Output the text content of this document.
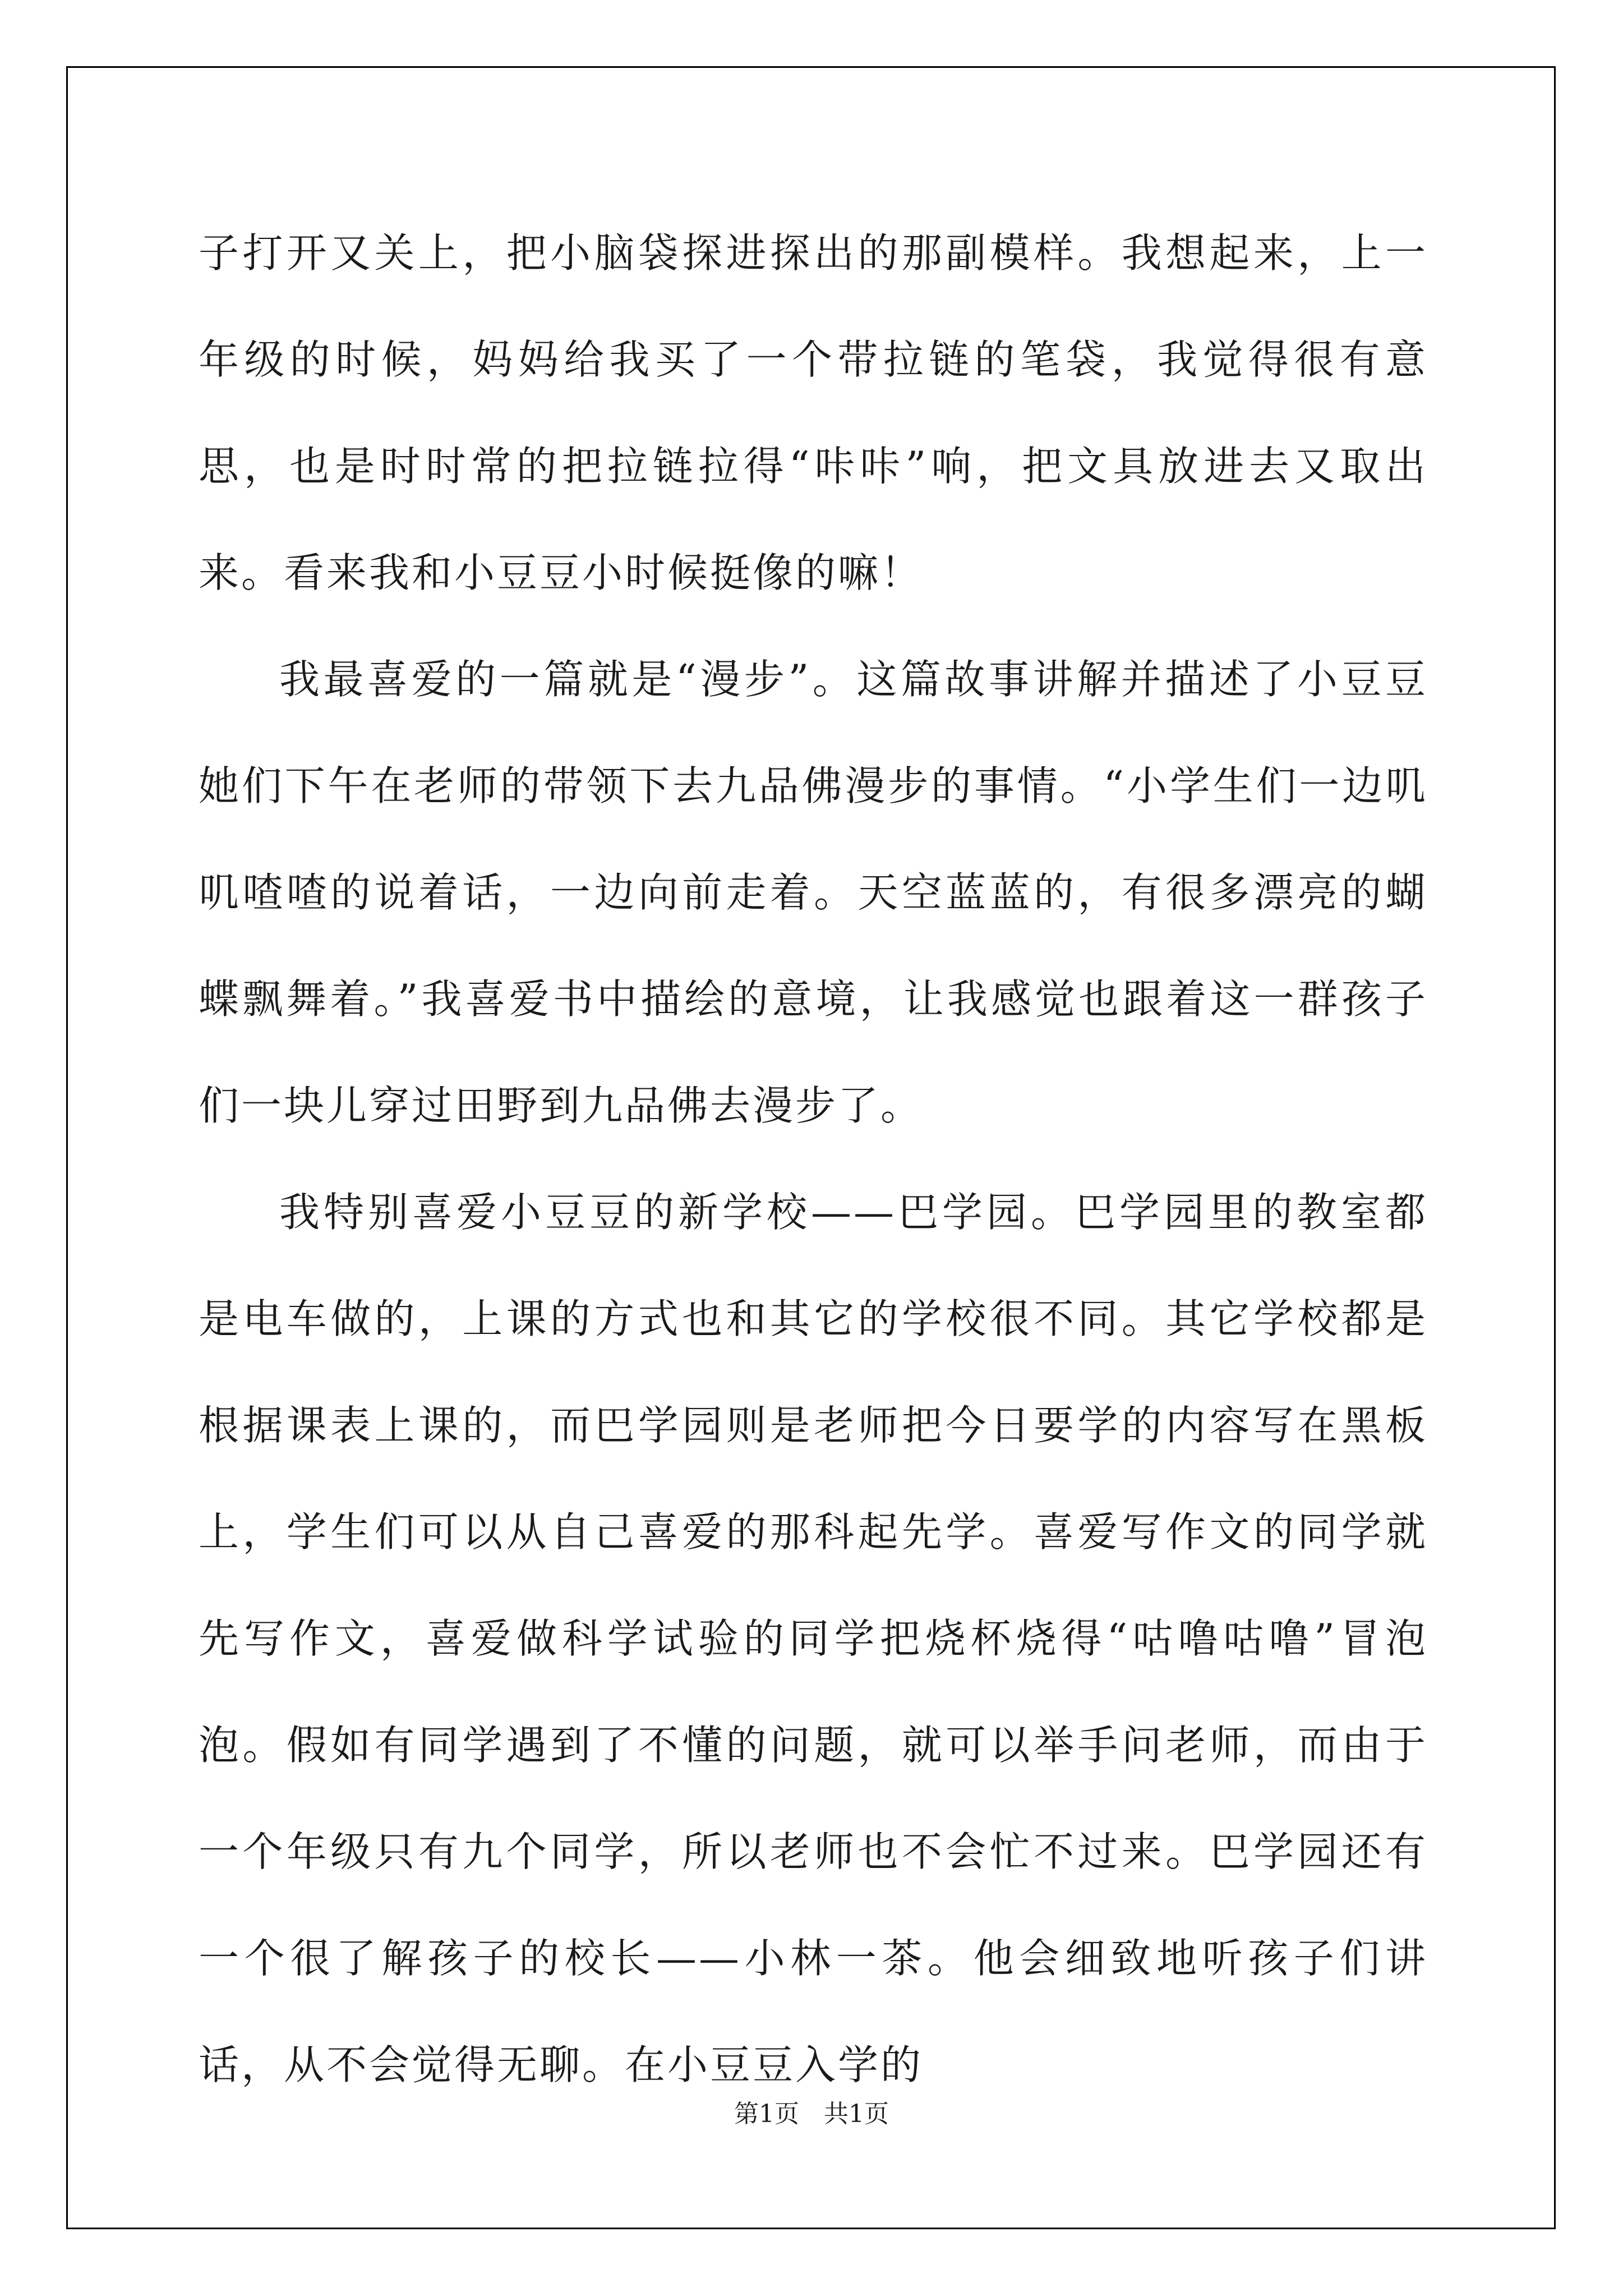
子打开又关上，把小脑袋探进探出的那副模样。我想起来，上一年级的时候，妈妈给我买了一个带拉链的笔袋，我觉得很有意思，也是时时常的把拉链拉得“咔咔”响，把文具放进去又取出来。看来我和小豆豆小时候挺像的嘛！

我最喜爱的一篇就是“漫步”。这篇故事讲解并描述了小豆豆她们下午在老师的带领下去九品佛漫步的事情。“小学生们一边叽叽喳喳的说着话，一边向前走着。天空蓝蓝的，有很多漂亮的蝴蝶飘舞着。”我喜爱书中描绘的意境，让我感觉也跟着这一群孩子们一块儿穿过田野到九品佛去漫步了。

我特别喜爱小豆豆的新学校——巴学园。巴学园里的教室都是电车做的，上课的方式也和其它的学校很不同。其它学校都是根据课表上课的，而巴学园则是老师把今日要学的内容写在黑板上，学生们可以从自己喜爱的那科起先学。喜爱写作文的同学就先写作文，喜爱做科学试验的同学把烧杯烧得“咕噜咕噜”冒泡泡。假如有同学遇到了不懂的问题，就可以举手问老师，而由于一个年级只有九个同学，所以老师也不会忙不过来。巴学园还有一个很了解孩子的校长——小林一茶。他会细致地听孩子们讲话，从不会觉得无聊。在小豆豆入学的

第1页 共1页
